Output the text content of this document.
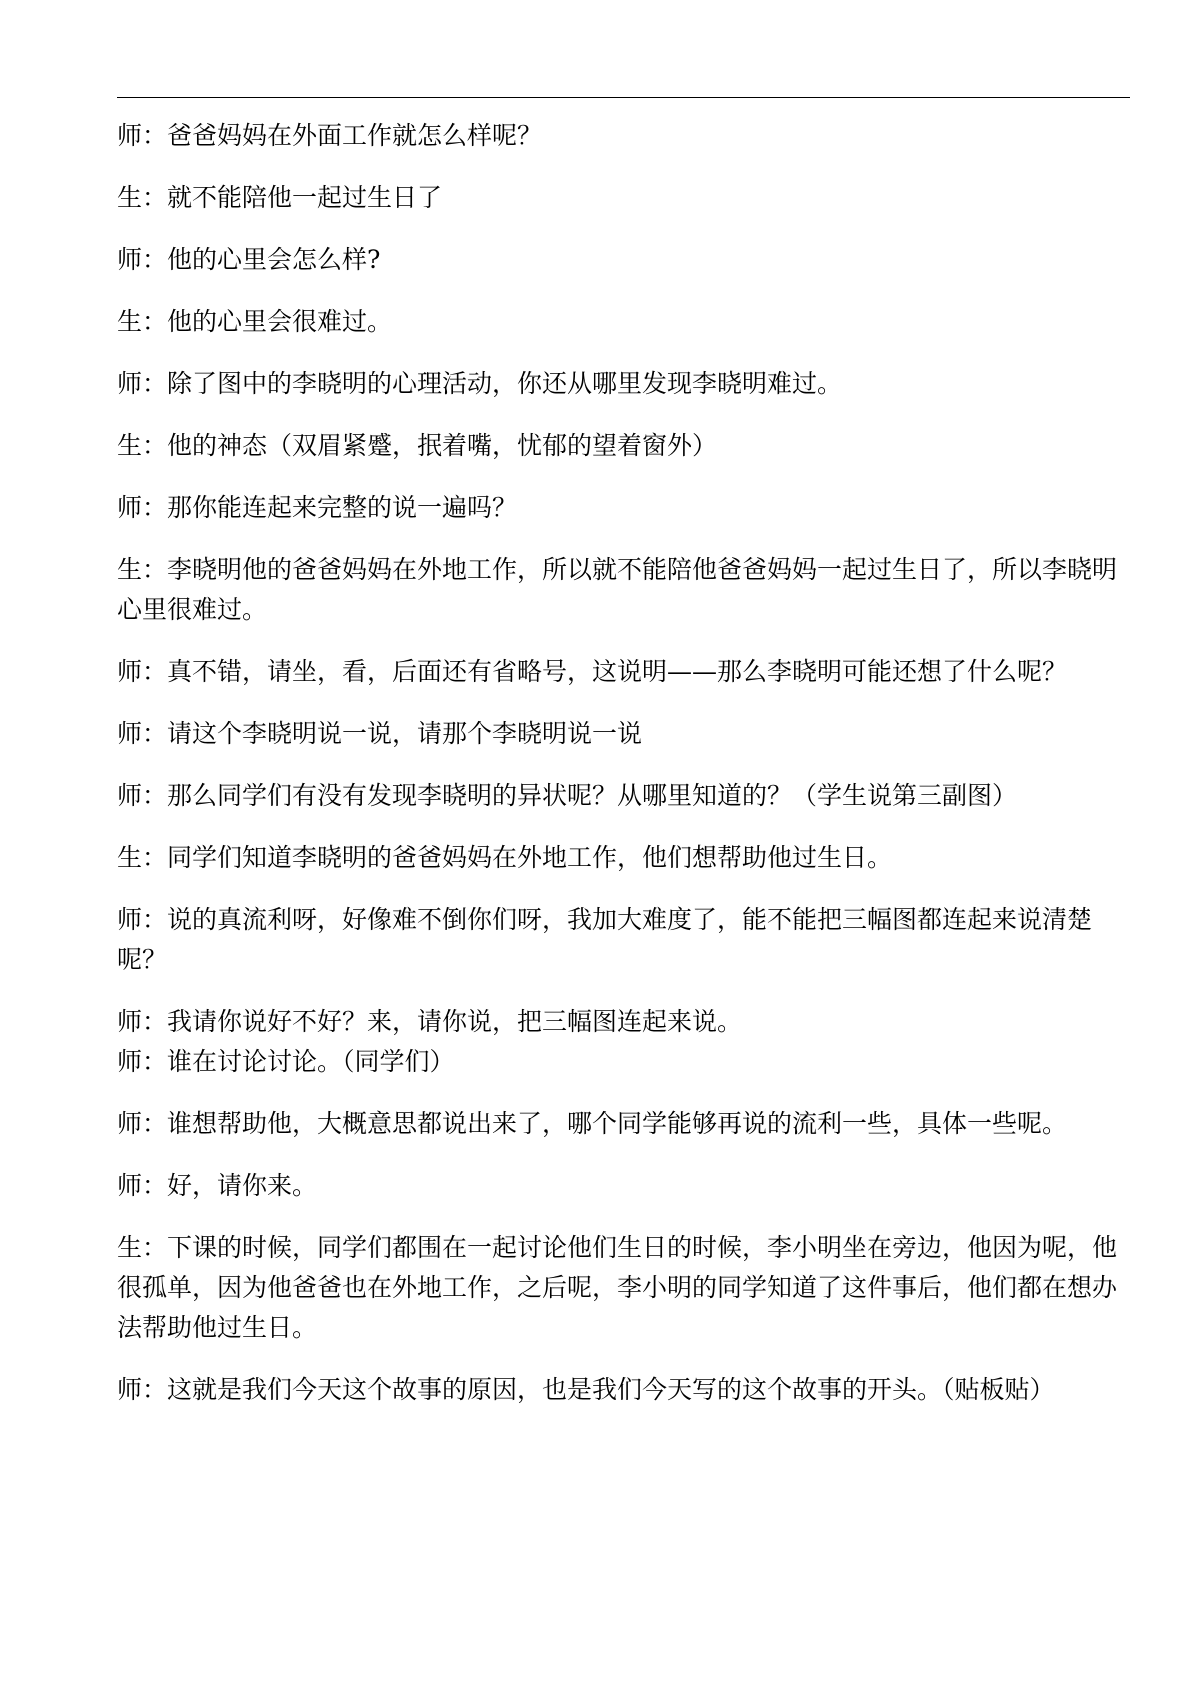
师：爸爸妈妈在外面工作就怎么样呢？

生：就不能陪他一起过生日了

师：他的心里会怎么样?

生：他的心里会很难过。

师：除了图中的李晓明的心理活动，你还从哪里发现李晓明难过。

生：他的神态（双眉紧蹙，抿着嘴，忧郁的望着窗外）

师：那你能连起来完整的说一遍吗？

生：李晓明他的爸爸妈妈在外地工作，所以就不能陪他爸爸妈妈一起过生日了，所以李晓明心里很难过。

师：真不错，请坐，看，后面还有省略号，这说明——那么李晓明可能还想了什么呢？

师：请这个李晓明说一说，请那个李晓明说一说

师：那么同学们有没有发现李晓明的异状呢？从哪里知道的？（学生说第三副图）

生：同学们知道李晓明的爸爸妈妈在外地工作，他们想帮助他过生日。

师：说的真流利呀，好像难不倒你们呀，我加大难度了，能不能把三幅图都连起来说清楚呢？

师：我请你说好不好？来，请你说，把三幅图连起来说。

师：谁在讨论讨论。（同学们）

师：谁想帮助他，大概意思都说出来了，哪个同学能够再说的流利一些，具体一些呢。

师：好，请你来。

生：下课的时候，同学们都围在一起讨论他们生日的时候，李小明坐在旁边，他因为呢，他很孤单，因为他爸爸也在外地工作，之后呢，李小明的同学知道了这件事后，他们都在想办法帮助他过生日。

师：这就是我们今天这个故事的原因，也是我们今天写的这个故事的开头。（贴板贴）
